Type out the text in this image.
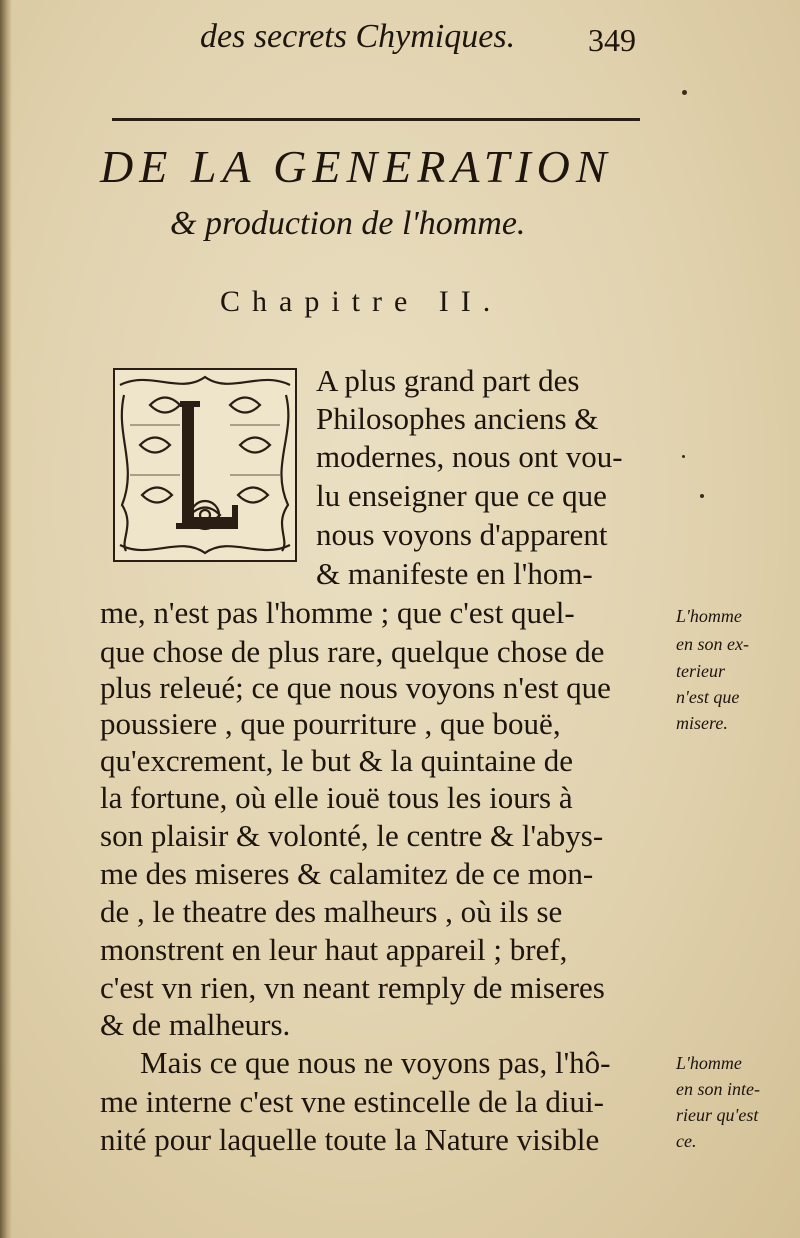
des secrets Chymiques. 349
DE LA GENERATION
& production de l'homme.
Chapitre II.
A plus grand part des
Philosophes anciens &
modernes, nous ont vou-
lu enseigner que ce que
nous voyons d'apparent
& manifeste en l'hom-
me, n'est pas l'homme ; que c'est quel-
que chose de plus rare, quelque chose de
plus releué; ce que nous voyons n'est que
poussiere , que pourriture , que bouë,
qu'excrement, le but & la quintaine de
la fortune, où elle iouë tous les iours à
son plaisir & volonté, le centre & l'abys-
me des miseres & calamitez de ce mon-
de , le theatre des malheurs , où ils se
monstrent en leur haut appareil ; bref,
c'est vn rien, vn neant remply de miseres
& de malheurs.
Mais ce que nous ne voyons pas, l'hô-
me interne c'est vne estincelle de la diui-
nité pour laquelle toute la Nature visible
L'homme
en son ex-
terieur
n'est que
misere.
L'homme
en son inte-
rieur qu'est
ce.
